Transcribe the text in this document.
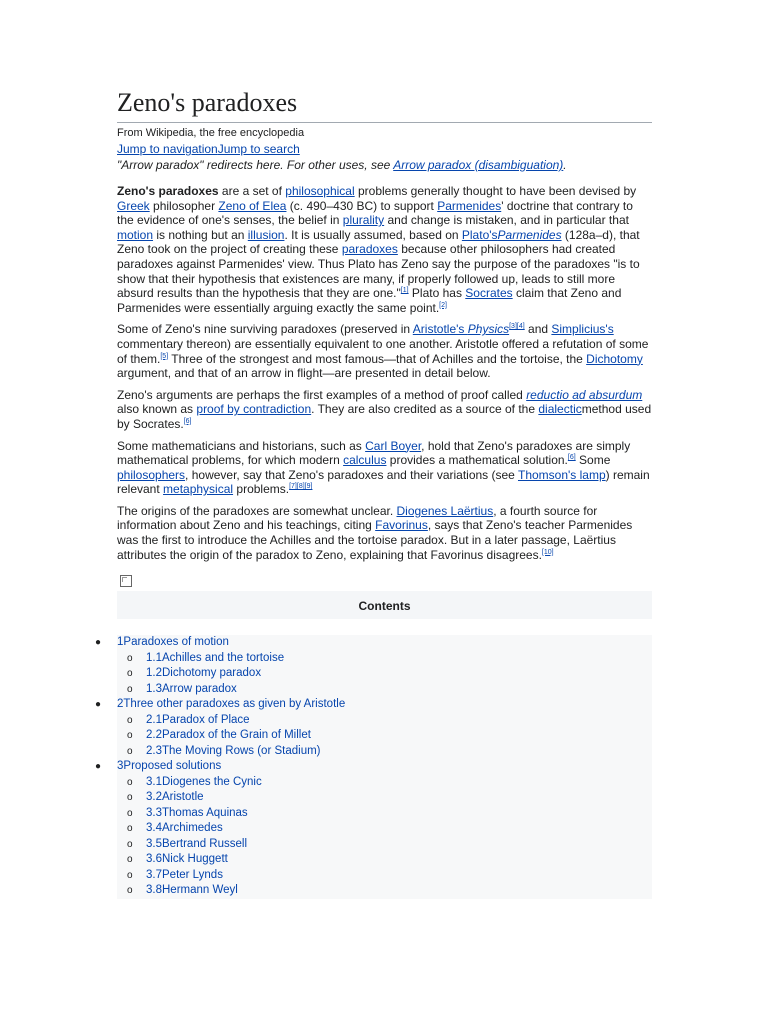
Zeno's paradoxes
From Wikipedia, the free encyclopedia
Jump to navigationJump to search
"Arrow paradox" redirects here. For other uses, see Arrow paradox (disambiguation).

Zeno's paradoxes are a set of philosophical problems generally thought to have been devised by Greek philosopher Zeno of Elea (c. 490–430 BC) to support Parmenides' doctrine that contrary to the evidence of one's senses, the belief in plurality and change is mistaken, and in particular that motion is nothing but an illusion. It is usually assumed, based on Plato'sParmenides (128a–d), that Zeno took on the project of creating these paradoxes because other philosophers had created paradoxes against Parmenides' view. Thus Plato has Zeno say the purpose of the paradoxes "is to show that their hypothesis that existences are many, if properly followed up, leads to still more absurd results than the hypothesis that they are one."[1] Plato has Socrates claim that Zeno and Parmenides were essentially arguing exactly the same point.[2]

Some of Zeno's nine surviving paradoxes (preserved in Aristotle's Physics[3][4] and Simplicius's commentary thereon) are essentially equivalent to one another. Aristotle offered a refutation of some of them.[5] Three of the strongest and most famous—that of Achilles and the tortoise, the Dichotomy argument, and that of an arrow in flight—are presented in detail below.

Zeno's arguments are perhaps the first examples of a method of proof called reductio ad absurdum also known as proof by contradiction. They are also credited as a source of the dialecticmethod used by Socrates.[6]

Some mathematicians and historians, such as Carl Boyer, hold that Zeno's paradoxes are simply mathematical problems, for which modern calculus provides a mathematical solution.[6] Some philosophers, however, say that Zeno's paradoxes and their variations (see Thomson's lamp) remain relevant metaphysical problems.[7][8][9]

The origins of the paradoxes are somewhat unclear. Diogenes Laërtius, a fourth source for information about Zeno and his teachings, citing Favorinus, says that Zeno's teacher Parmenides was the first to introduce the Achilles and the tortoise paradox. But in a later passage, Laërtius attributes the origin of the paradox to Zeno, explaining that Favorinus disagrees.[10]

Contents
● 1Paradoxes of motion
o 1.1Achilles and the tortoise
o 1.2Dichotomy paradox
o 1.3Arrow paradox
● 2Three other paradoxes as given by Aristotle
o 2.1Paradox of Place
o 2.2Paradox of the Grain of Millet
o 2.3The Moving Rows (or Stadium)
● 3Proposed solutions
o 3.1Diogenes the Cynic
o 3.2Aristotle
o 3.3Thomas Aquinas
o 3.4Archimedes
o 3.5Bertrand Russell
o 3.6Nick Huggett
o 3.7Peter Lynds
o 3.8Hermann Weyl
